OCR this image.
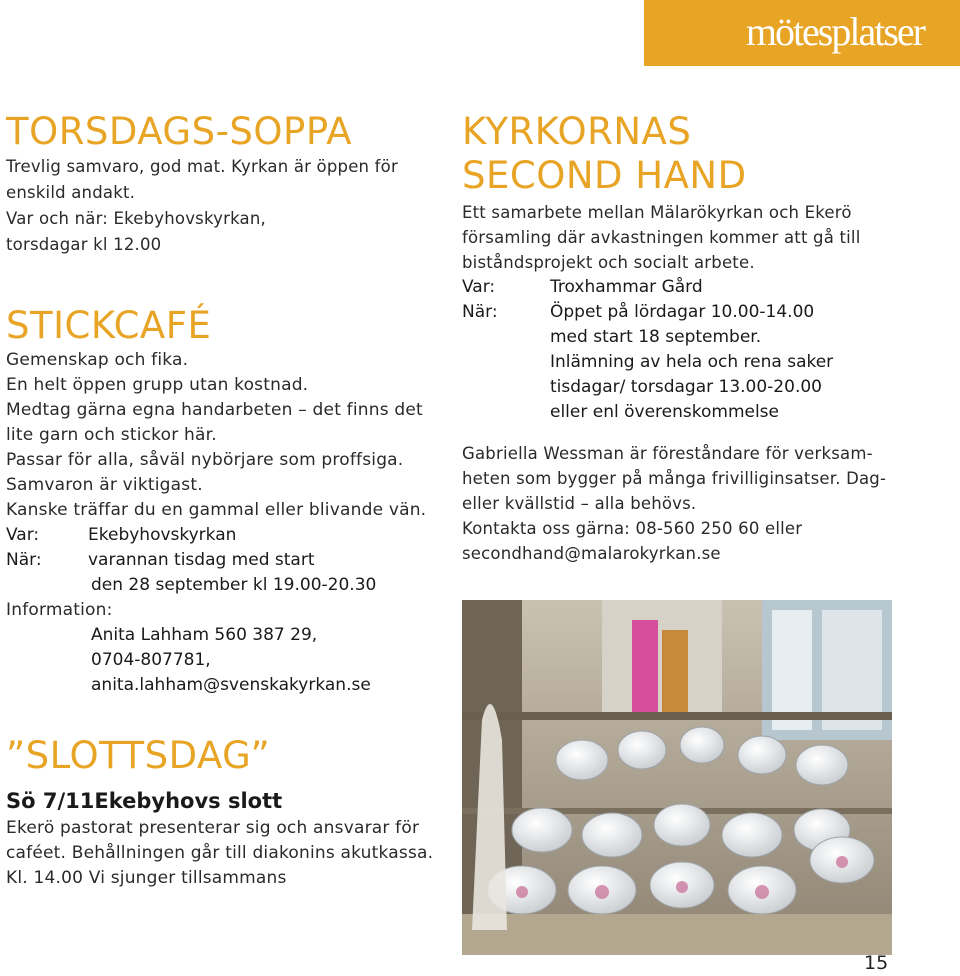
mötesplatser
TORSDAGS-SOPPA
Trevlig samvaro, god mat. Kyrkan är öppen för
enskild andakt.
Var och när: Ekebyhovskyrkan,
torsdagar kl 12.00
STICKCAFÉ
Gemenskap och fika.
En helt öppen grupp utan kostnad.
Medtag gärna egna handarbeten – det finns det
lite garn och stickor här.
Passar för alla, såväl nybörjare som proffsiga.
Samvaron är viktigast.
Kanske träffar du en gammal eller blivande vän.
Var:	Ekebyhovskyrkan
När:	varannan tisdag med start
den 28 september kl 19.00-20.30
Information:
Anita Lahham 560 387 29,
0704-807781,
anita.lahham@svenskakyrkan.se
”SLOTTSDAG”
Sö 7/11Ekebyhovs slott
Ekerö pastorat presenterar sig och ansvarar för
caféet. Behållningen går till diakonins akutkassa.
Kl. 14.00 Vi sjunger tillsammans
KYRKORNAS
SECOND HAND
Ett samarbete mellan Mälarökyrkan och Ekerö
församling där avkastningen kommer att gå till
biståndsprojekt och socialt arbete.
Var:	Troxhammar Gård
När:	Öppet på lördagar 10.00-14.00
med start 18 september.
Inlämning av hela och rena saker
tisdagar/ torsdagar 13.00-20.00
eller enl överenskommelse
Gabriella Wessman är föreståndare för verksam-
heten som bygger på många frivilliginsatser. Dag-
eller kvällstid – alla behövs.
Kontakta oss gärna: 08-560 250 60 eller
secondhand@malarokyrkan.se
15
